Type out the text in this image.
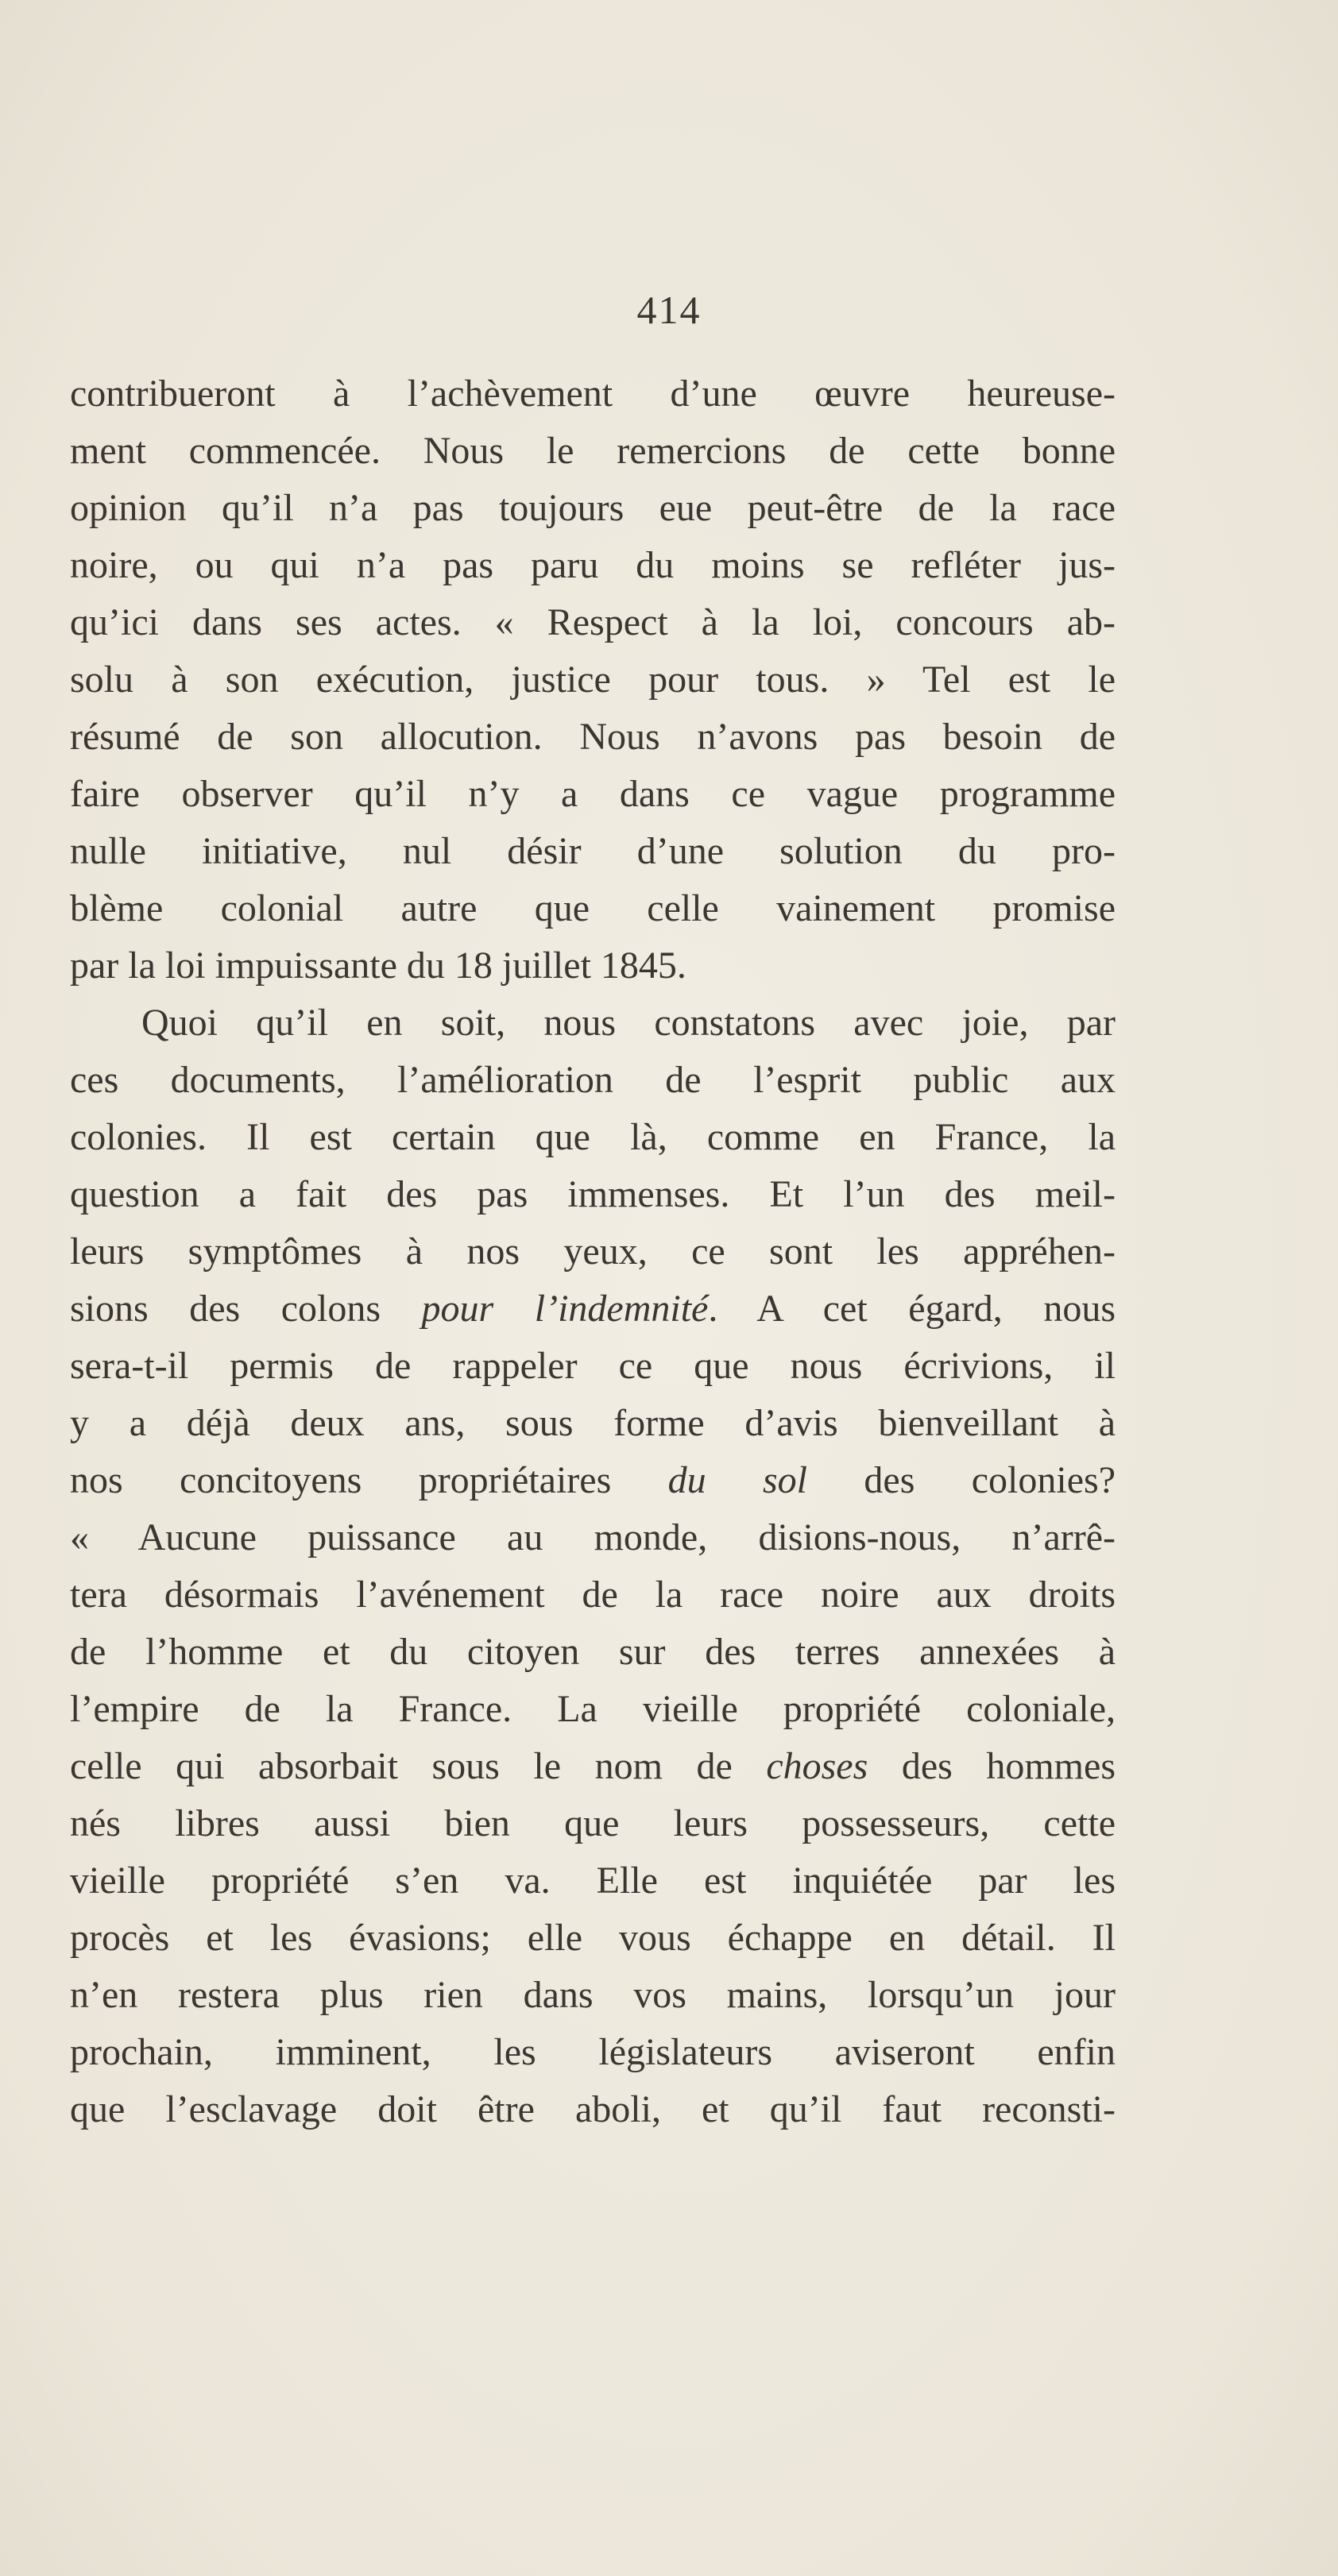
414
contribueront à l’achèvement d’une œuvre heureuse-
ment commencée. Nous le remercions de cette bonne
opinion qu’il n’a pas toujours eue peut-être de la race
noire, ou qui n’a pas paru du moins se refléter jus-
qu’ici dans ses actes. « Respect à la loi, concours ab-
solu à son exécution, justice pour tous. » Tel est le
résumé de son allocution. Nous n’avons pas besoin de
faire observer qu’il n’y a dans ce vague programme
nulle initiative, nul désir d’une solution du pro-
blème colonial autre que celle vainement promise
par la loi impuissante du 18 juillet 1845.
Quoi qu’il en soit, nous constatons avec joie, par
ces documents, l’amélioration de l’esprit public aux
colonies. Il est certain que là, comme en France, la
question a fait des pas immenses. Et l’un des meil-
leurs symptômes à nos yeux, ce sont les appréhen-
sions des colons pour l’indemnité. A cet égard, nous
sera-t-il permis de rappeler ce que nous écrivions, il
y a déjà deux ans, sous forme d’avis bienveillant à
nos concitoyens propriétaires du sol des colonies?
« Aucune puissance au monde, disions-nous, n’arrê-
tera désormais l’avénement de la race noire aux droits
de l’homme et du citoyen sur des terres annexées à
l’empire de la France. La vieille propriété coloniale,
celle qui absorbait sous le nom de choses des hommes
nés libres aussi bien que leurs possesseurs, cette
vieille propriété s’en va. Elle est inquiétée par les
procès et les évasions; elle vous échappe en détail. Il
n’en restera plus rien dans vos mains, lorsqu’un jour
prochain, imminent, les législateurs aviseront enfin
que l’esclavage doit être aboli, et qu’il faut reconsti-
